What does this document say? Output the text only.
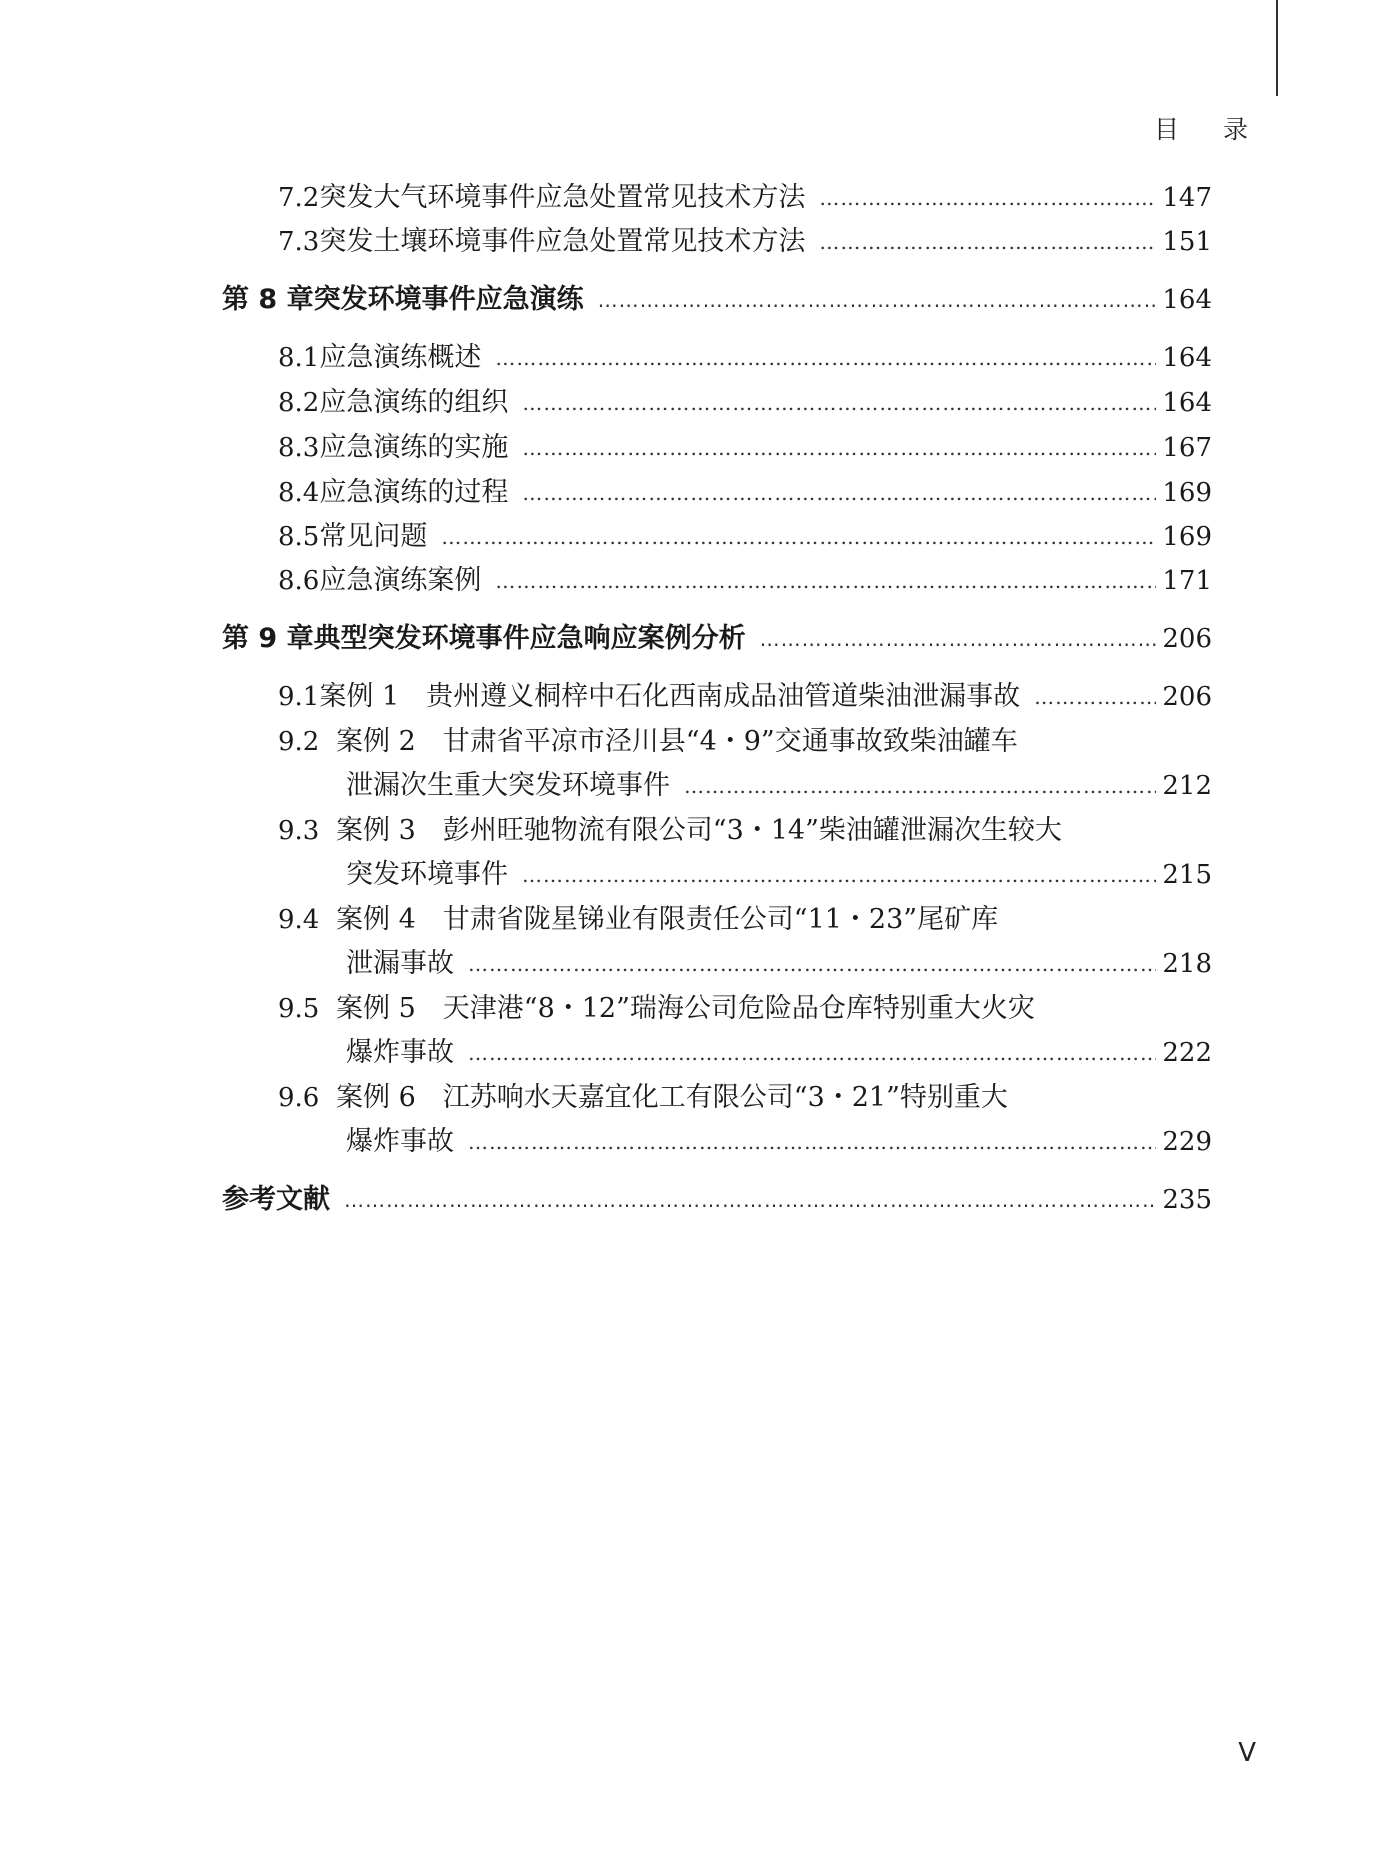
目 录
7.2 突发大气环境事件应急处置常见技术方法 ……………………………………………………………………………………………………………………………………………………………	147
7.3 突发土壤环境事件应急处置常见技术方法 ……………………………………………………………………………………………………………………………………………………………	151
第 8 章 突发环境事件应急演练 ……………………………………………………………………………………………………………………………………………………………	164
8.1 应急演练概述 ……………………………………………………………………………………………………………………………………………………………	164
8.2 应急演练的组织 ……………………………………………………………………………………………………………………………………………………………	164
8.3 应急演练的实施 ……………………………………………………………………………………………………………………………………………………………	167
8.4 应急演练的过程 ……………………………………………………………………………………………………………………………………………………………	169
8.5 常见问题 ……………………………………………………………………………………………………………………………………………………………	169
8.6 应急演练案例 ……………………………………………………………………………………………………………………………………………………………	171
第 9 章 典型突发环境事件应急响应案例分析 ……………………………………………………………………………………………………………………………………………………………	206
9.1 案例 1　贵州遵义桐梓中石化西南成品油管道柴油泄漏事故 ……………………………………………………………………………………………………………………………………………………………	206
9.2 案例 2　甘肃省平凉市泾川县“4・9”交通事故致柴油罐车
泄漏次生重大突发环境事件 ……………………………………………………………………………………………………………………………………………………………	212
9.3 案例 3　彭州旺驰物流有限公司“3・14”柴油罐泄漏次生较大
突发环境事件 ……………………………………………………………………………………………………………………………………………………………	215
9.4 案例 4　甘肃省陇星锑业有限责任公司“11・23”尾矿库
泄漏事故 ……………………………………………………………………………………………………………………………………………………………	218
9.5 案例 5　天津港“8・12”瑞海公司危险品仓库特别重大火灾
爆炸事故 ……………………………………………………………………………………………………………………………………………………………	222
9.6 案例 6　江苏响水天嘉宜化工有限公司“3・21”特别重大
爆炸事故 ……………………………………………………………………………………………………………………………………………………………	229
参考文献 ……………………………………………………………………………………………………………………………………………………………	235
V
